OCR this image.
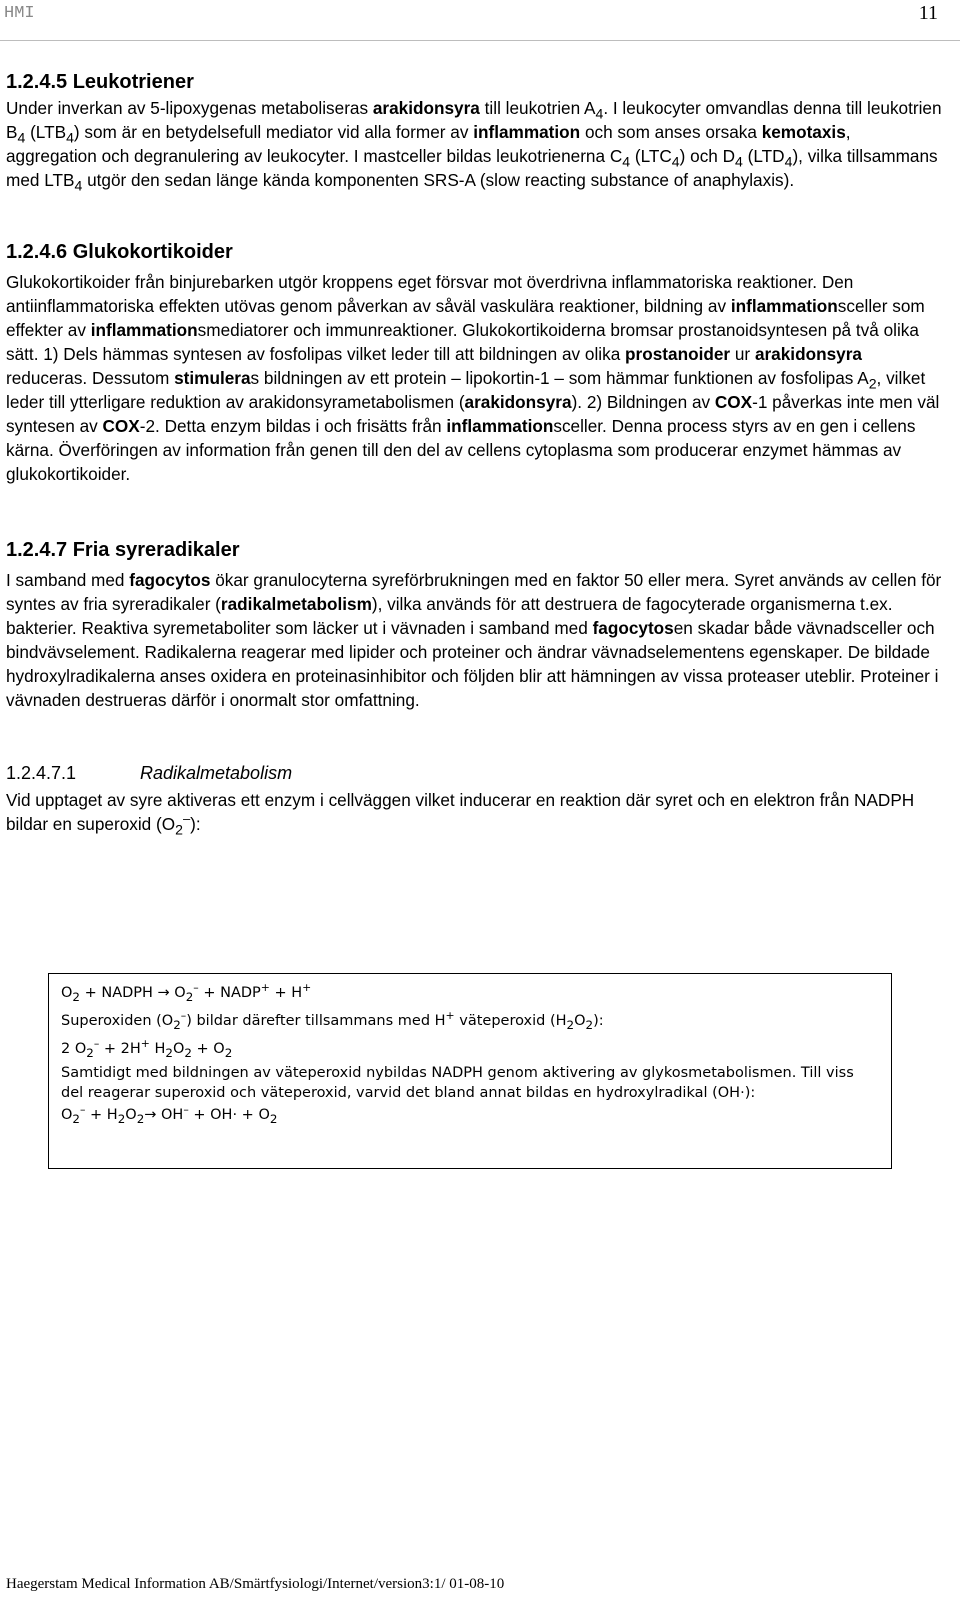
HMI	11
1.2.4.5 Leukotriener

Under inverkan av 5-lipoxygenas metaboliseras arakidonsyra till leukotrien $A_4$. I leukocyter omvandlas denna till leukotrien $B_4$ $(LTB_4)$ som är en betydelsefull mediator vid alla former av inflammation och som anses orsaka kemotaxis, aggregation och degranulering av leukocyter. I mastceller bildas leukotrienerna $C_4$ $(LTC_4)$ och $D_4$ $(LTD_4)$, vilka tillsammans med $LTB_4$ utgör den sedan länge kända komponenten SRS-A (slow reacting substance of anaphylaxis).

1.2.4.6 Glukokortikoider

Glukokortikoider från binjurebarken utgör kroppens eget försvar mot överdrivna inflammatoriska reaktioner. Den antiinflammatoriska effekten utövas genom påverkan av såväl vaskulära reaktioner, bildning av inflammationsceller som effekter av inflammationsmediatorer och immunreaktioner. Glukokortikoiderna bromsar prostanoidsyntesen på två olika sätt. 1) Dels hämmas syntesen av fosfolipas vilket leder till att bildningen av olika prostanoider ur arakidonsyra reduceras. Dessutom stimuleras bildningen av ett protein – lipokortin-1 – som hämmar funktionen av fosfolipas $A_2$, vilket leder till ytterligare reduktion av arakidonsyrametabolismen (arakidonsyra). 2) Bildningen av COX-1 påverkas inte men väl syntesen av COX-2. Detta enzym bildas i och frisätts från inflammationsceller. Denna process styrs av en gen i cellens kärna. Överföringen av information från genen till den del av cellens cytoplasma som producerar enzymet hämmas av glukokortikoider.

1.2.4.7 Fria syreradikaler

I samband med fagocytos ökar granulocyterna syreförbrukningen med en faktor 50 eller mera. Syret används av cellen för syntes av fria syreradikaler (radikalmetabolism), vilka används för att destruera de fagocyterade organismerna t.ex. bakterier. Reaktiva syremetaboliter som läcker ut i vävnaden i samband med fagocytosen skadar både vävnadsceller och bindvävselement. Radikalerna reagerar med lipider och proteiner och ändrar vävnadselementens egenskaper. De bildade hydroxylradikalerna anses oxidera en proteinasinhibitor och följden blir att hämningen av vissa proteaser uteblir. Proteiner i vävnaden destrueras därför i onormalt stor omfattning.

1.2.4.7.1	Radikalmetabolism

Vid upptaget av syre aktiveras ett enzym i cellväggen vilket inducerar en reaktion där syret och en elektron från NADPH bildar en superoxid $(O_2^-)$:

$O_2$ + NADPH → $O_2^-$ + NADP+ + H+

Superoxiden $(O_2^-)$ bildar därefter tillsammans med H+ väteperoxid $(H_2O_2)$:

2 $O_2^- + 2H^+$ $H_2O_2 + O_2$

Samtidigt med bildningen av väteperoxid nybildas NADPH genom aktivering av glykosmetabolismen. Till viss del reagerar superoxid och väteperoxid, varvid det bland annat bildas en hydroxylradikal (OH·):

$O_2^- + H_2O_2\to OH^- + OH\cdot + O_2$

Haegerstam Medical Information AB/Smärtfysiologi/Internet/version3:1/ 01-08-10
